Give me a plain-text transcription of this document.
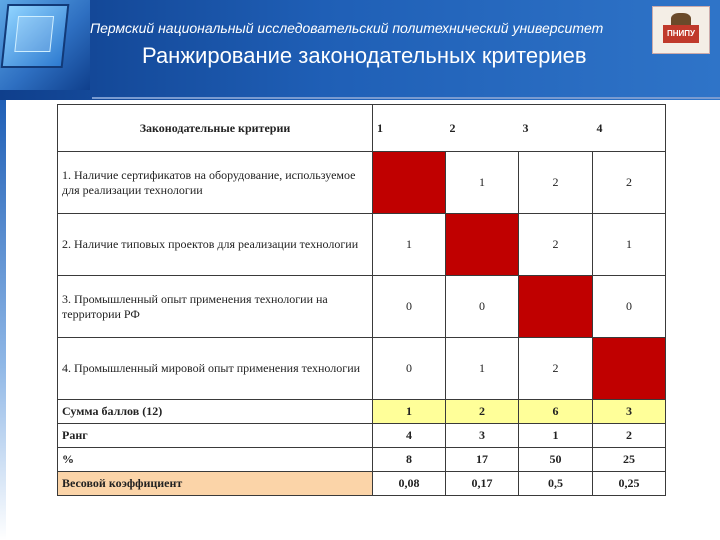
Пермский национальный исследовательский политехнический университет
Ранжирование законодательных критериев
ПНИПУ
Законодательные критерии	1	2	3	4
1. Наличие сертификатов на оборудование, используемое для реализации технологии		1	2	2
2. Наличие типовых проектов для реализации технологии	1		2	1
3. Промышленный опыт применения технологии на территории РФ	0	0		0
4. Промышленный мировой опыт применения технологии	0	1	2	
Сумма баллов (12)	1	2	6	3
Ранг	4	3	1	2
%	8	17	50	25
Весовой коэффициент	0,08	0,17	0,5	0,25
